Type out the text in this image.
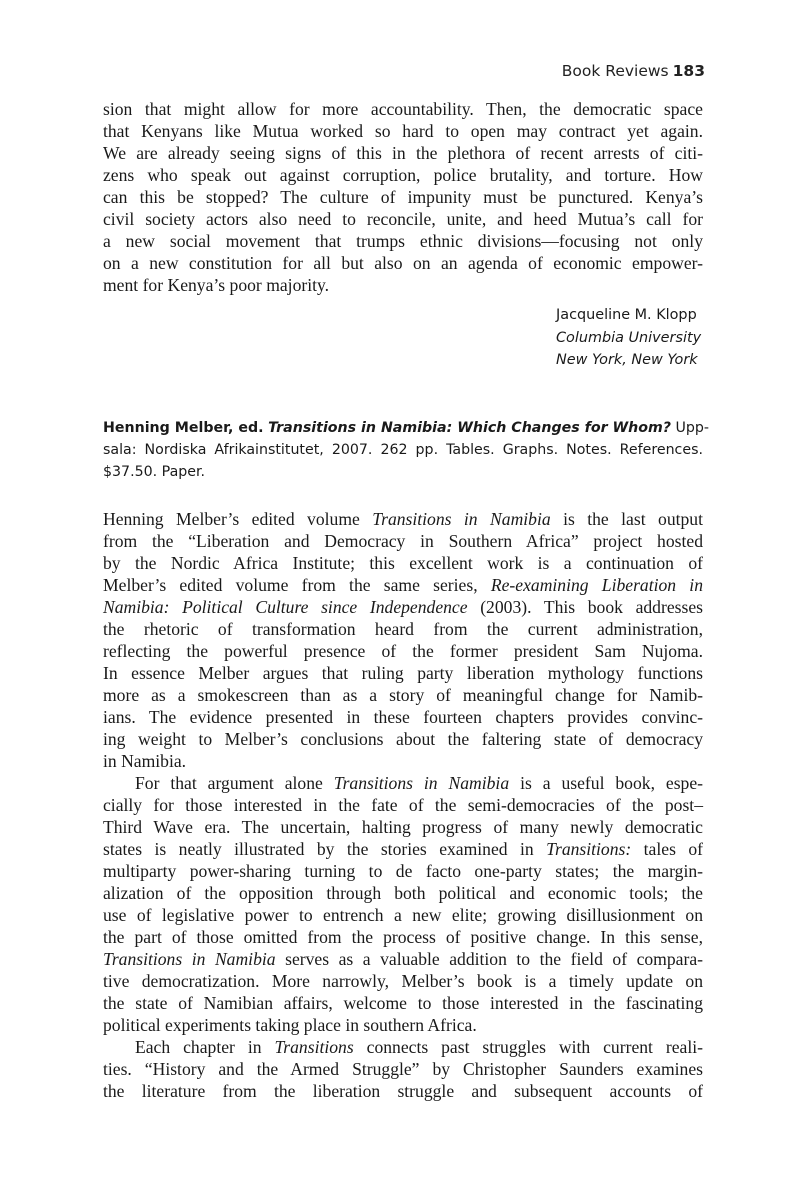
Book Reviews 183
sion that might allow for more accountability. Then, the democratic space
that Kenyans like Mutua worked so hard to open may contract yet again.
We are already seeing signs of this in the plethora of recent arrests of citi-
zens who speak out against corruption, police brutality, and torture. How
can this be stopped? The culture of impunity must be punctured. Kenya’s
civil society actors also need to reconcile, unite, and heed Mutua’s call for
a new social movement that trumps ethnic divisions—focusing not only
on a new constitution for all but also on an agenda of economic empower-
ment for Kenya’s poor majority.
Jacqueline M. Klopp
Columbia University
New York, New York
Henning Melber, ed. Transitions in Namibia: Which Changes for Whom? Upp-
sala: Nordiska Afrikainstitutet, 2007. 262 pp. Tables. Graphs. Notes. References.
$37.50. Paper.
Henning Melber’s edited volume Transitions in Namibia is the last output
from the “Liberation and Democracy in Southern Africa” project hosted
by the Nordic Africa Institute; this excellent work is a continuation of
Melber’s edited volume from the same series, Re-examining Liberation in
Namibia: Political Culture since Independence (2003). This book addresses
the rhetoric of transformation heard from the current administration,
reflecting the powerful presence of the former president Sam Nujoma.
In essence Melber argues that ruling party liberation mythology functions
more as a smokescreen than as a story of meaningful change for Namib-
ians. The evidence presented in these fourteen chapters provides convinc-
ing weight to Melber’s conclusions about the faltering state of democracy
in Namibia.
For that argument alone Transitions in Namibia is a useful book, espe-
cially for those interested in the fate of the semi-democracies of the post–
Third Wave era. The uncertain, halting progress of many newly democratic
states is neatly illustrated by the stories examined in Transitions: tales of
multiparty power-sharing turning to de facto one-party states; the margin-
alization of the opposition through both political and economic tools; the
use of legislative power to entrench a new elite; growing disillusionment on
the part of those omitted from the process of positive change. In this sense,
Transitions in Namibia serves as a valuable addition to the field of compara-
tive democratization. More narrowly, Melber’s book is a timely update on
the state of Namibian affairs, welcome to those interested in the fascinating
political experiments taking place in southern Africa.
Each chapter in Transitions connects past struggles with current reali-
ties. “History and the Armed Struggle” by Christopher Saunders examines
the literature from the liberation struggle and subsequent accounts of
